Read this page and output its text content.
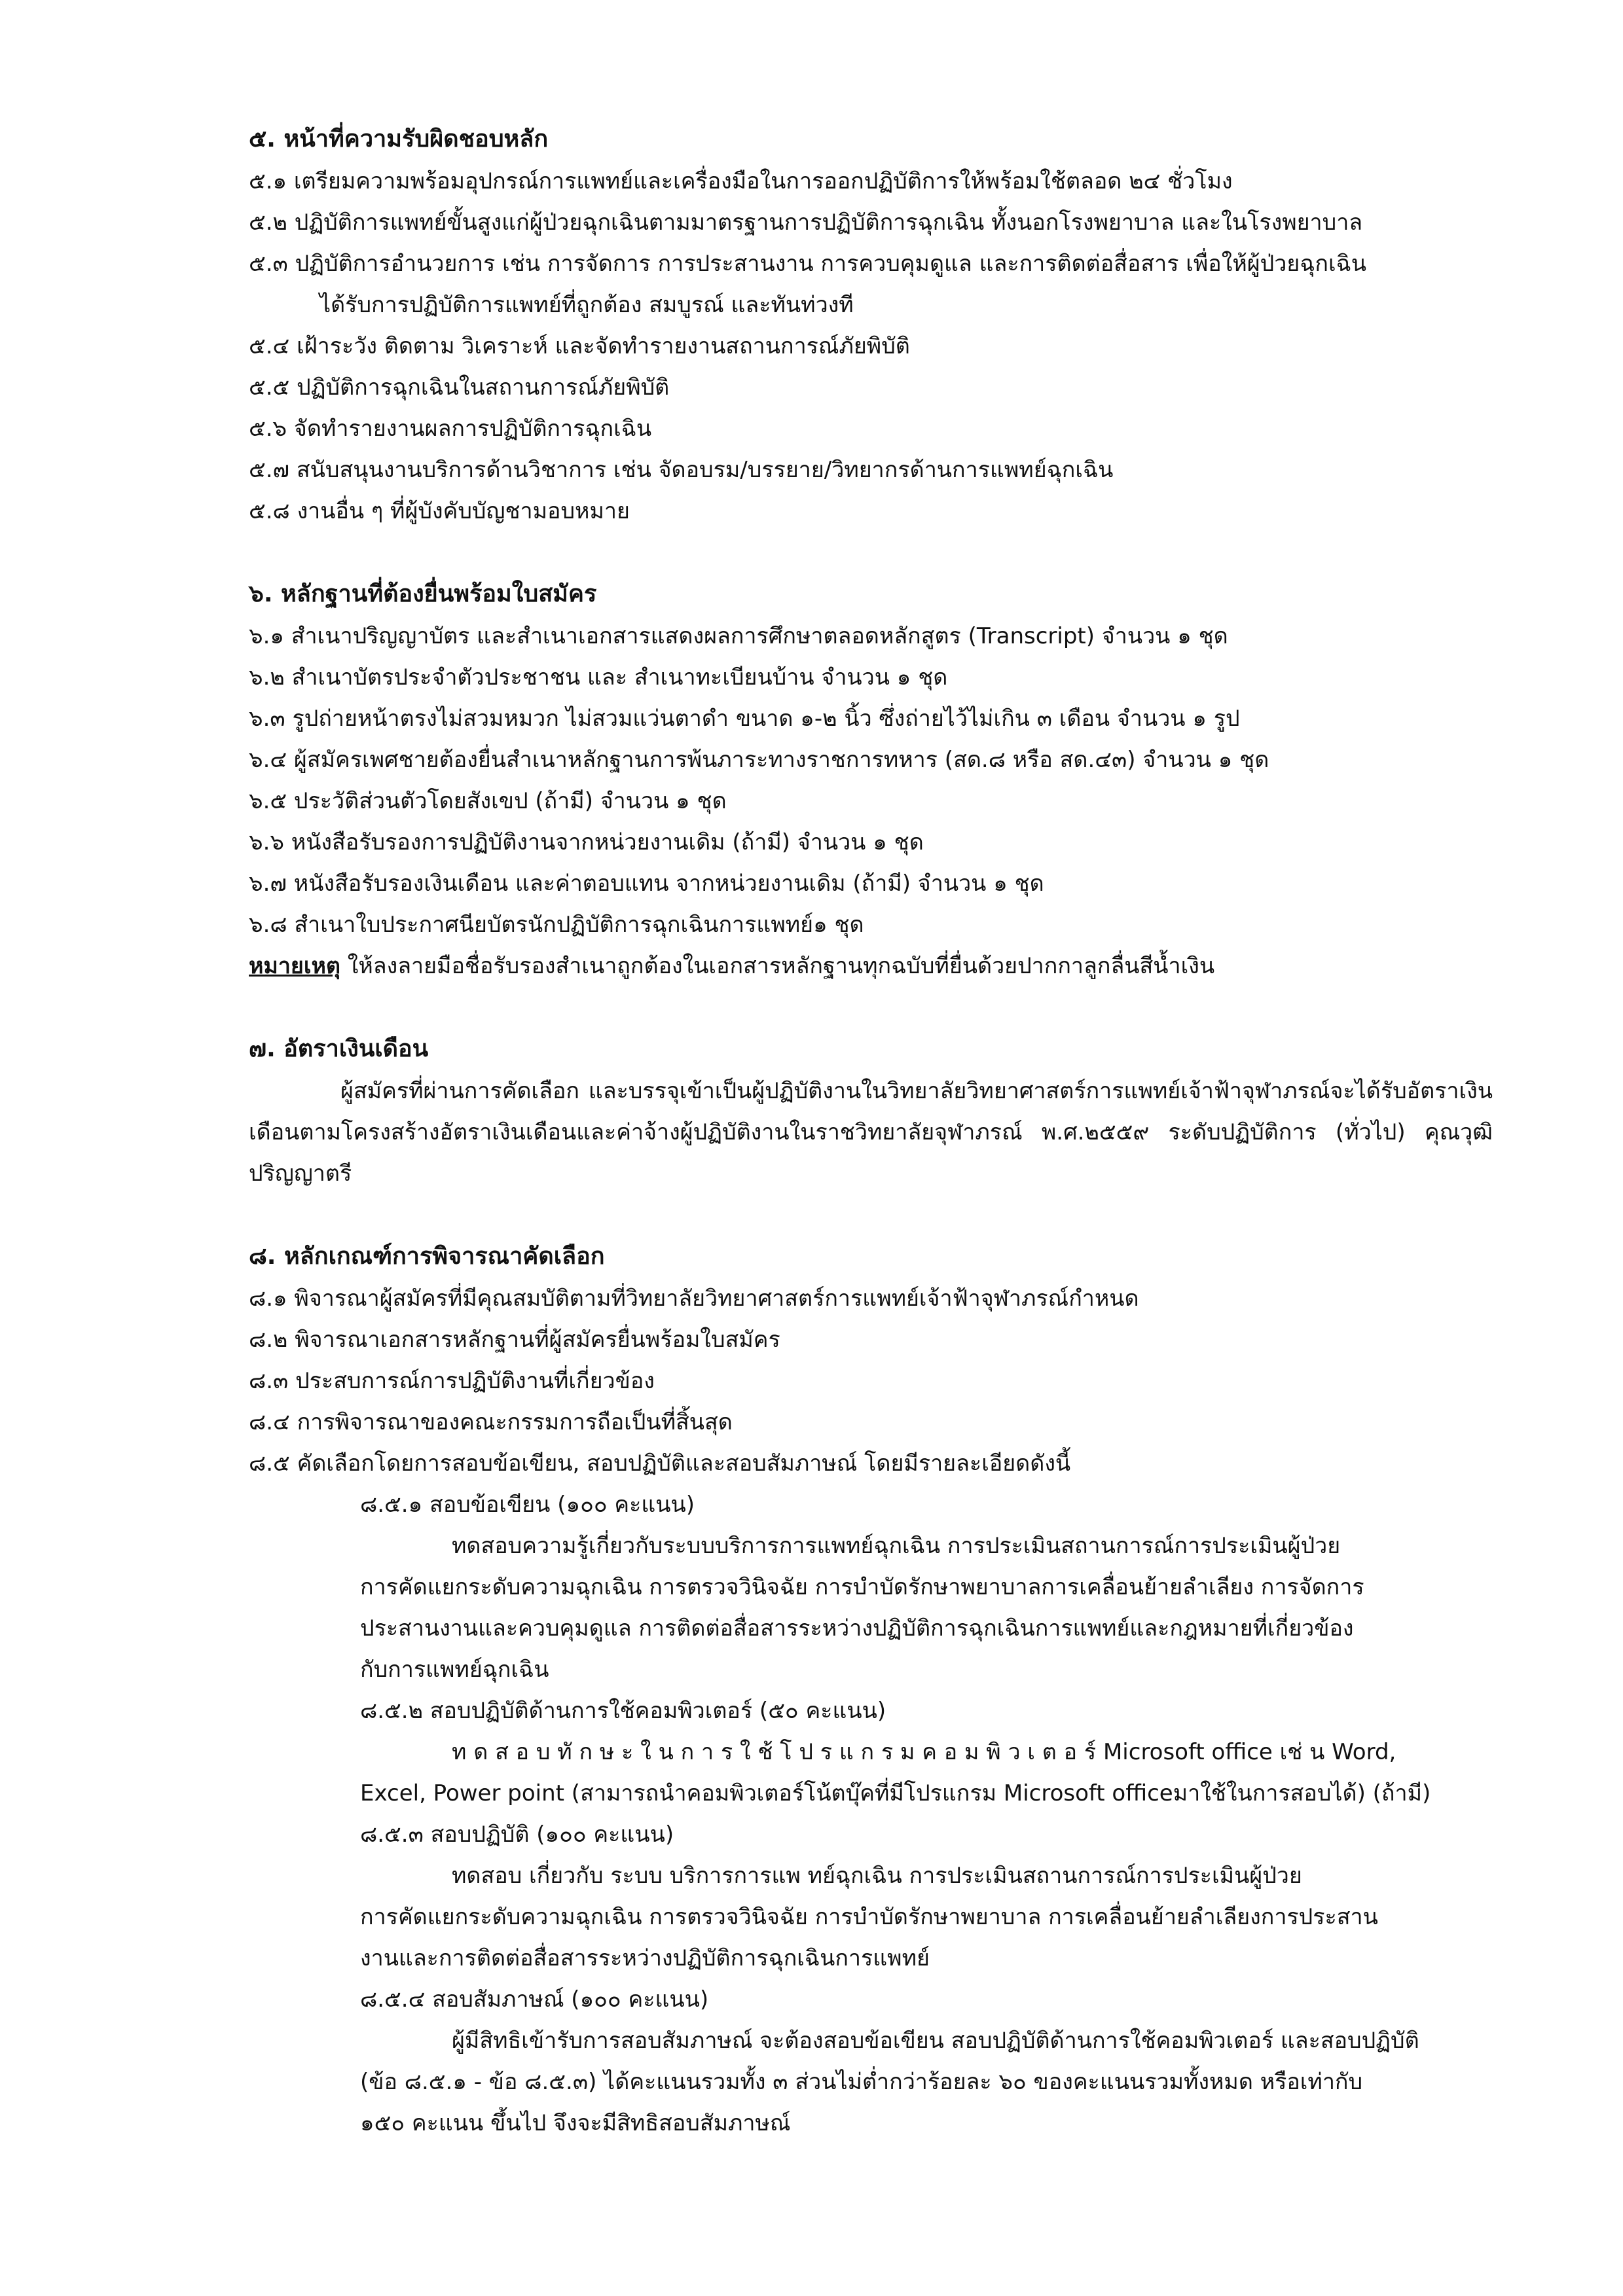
๕. หน้าที่ความรับผิดชอบหลัก
๕.๑ เตรียมความพร้อมอุปกรณ์การแพทย์และเครื่องมือในการออกปฏิบัติการให้พร้อมใช้ตลอด ๒๔ ชั่วโมง
๕.๒ ปฏิบัติการแพทย์ขั้นสูงแก่ผู้ป่วยฉุกเฉินตามมาตรฐานการปฏิบัติการฉุกเฉิน ทั้งนอกโรงพยาบาล และในโรงพยาบาล
๕.๓ ปฏิบัติการอำนวยการ เช่น การจัดการ การประสานงาน การควบคุมดูแล และการติดต่อสื่อสาร เพื่อให้ผู้ป่วยฉุกเฉิน
ได้รับการปฏิบัติการแพทย์ที่ถูกต้อง สมบูรณ์ และทันท่วงที
๕.๔ เฝ้าระวัง ติดตาม วิเคราะห์ และจัดทำรายงานสถานการณ์ภัยพิบัติ
๕.๕ ปฏิบัติการฉุกเฉินในสถานการณ์ภัยพิบัติ
๕.๖ จัดทำรายงานผลการปฏิบัติการฉุกเฉิน
๕.๗ สนับสนุนงานบริการด้านวิชาการ เช่น จัดอบรม/บรรยาย/วิทยากรด้านการแพทย์ฉุกเฉิน
๕.๘ งานอื่น ๆ ที่ผู้บังคับบัญชามอบหมาย
๖. หลักฐานที่ต้องยื่นพร้อมใบสมัคร
๖.๑ สำเนาปริญญาบัตร และสำเนาเอกสารแสดงผลการศึกษาตลอดหลักสูตร (Transcript) จำนวน ๑ ชุด
๖.๒ สำเนาบัตรประจำตัวประชาชน และ สำเนาทะเบียนบ้าน จำนวน ๑ ชุด
๖.๓ รูปถ่ายหน้าตรงไม่สวมหมวก ไม่สวมแว่นตาดำ ขนาด ๑-๒ นิ้ว ซึ่งถ่ายไว้ไม่เกิน ๓ เดือน จำนวน ๑ รูป
๖.๔ ผู้สมัครเพศชายต้องยื่นสำเนาหลักฐานการพ้นภาระทางราชการทหาร (สด.๘ หรือ สด.๔๓) จำนวน ๑ ชุด
๖.๕ ประวัติส่วนตัวโดยสังเขป (ถ้ามี) จำนวน ๑ ชุด
๖.๖ หนังสือรับรองการปฏิบัติงานจากหน่วยงานเดิม (ถ้ามี) จำนวน ๑ ชุด
๖.๗ หนังสือรับรองเงินเดือน และค่าตอบแทน จากหน่วยงานเดิม (ถ้ามี) จำนวน ๑ ชุด
๖.๘ สำเนาใบประกาศนียบัตรนักปฏิบัติการฉุกเฉินการแพทย์๑ ชุด
หมายเหตุ ให้ลงลายมือชื่อรับรองสำเนาถูกต้องในเอกสารหลักฐานทุกฉบับที่ยื่นด้วยปากกาลูกลื่นสีน้ำเงิน
๗. อัตราเงินเดือน
ผู้สมัครที่ผ่านการคัดเลือก และบรรจุเข้าเป็นผู้ปฏิบัติงานในวิทยาลัยวิทยาศาสตร์การแพทย์เจ้าฟ้าจุฬาภรณ์จะได้รับอัตราเงินเดือนตามโครงสร้างอัตราเงินเดือนและค่าจ้างผู้ปฏิบัติงานในราชวิทยาลัยจุฬาภรณ์ พ.ศ.๒๕๕๙ ระดับปฏิบัติการ (ทั่วไป) คุณวุฒิปริญญาตรี
๘. หลักเกณฑ์การพิจารณาคัดเลือก
๘.๑ พิจารณาผู้สมัครที่มีคุณสมบัติตามที่วิทยาลัยวิทยาศาสตร์การแพทย์เจ้าฟ้าจุฬาภรณ์กำหนด
๘.๒ พิจารณาเอกสารหลักฐานที่ผู้สมัครยื่นพร้อมใบสมัคร
๘.๓ ประสบการณ์การปฏิบัติงานที่เกี่ยวข้อง
๘.๔ การพิจารณาของคณะกรรมการถือเป็นที่สิ้นสุด
๘.๕ คัดเลือกโดยการสอบข้อเขียน, สอบปฏิบัติและสอบสัมภาษณ์ โดยมีรายละเอียดดังนี้
๘.๕.๑ สอบข้อเขียน (๑๐๐ คะแนน)
ทดสอบความรู้เกี่ยวกับระบบบริการการแพทย์ฉุกเฉิน การประเมินสถานการณ์การประเมินผู้ป่วย
การคัดแยกระดับความฉุกเฉิน การตรวจวินิจฉัย การบำบัดรักษาพยาบาลการเคลื่อนย้ายลำเลียง การจัดการ
ประสานงานและควบคุมดูแล การติดต่อสื่อสารระหว่างปฏิบัติการฉุกเฉินการแพทย์และกฎหมายที่เกี่ยวข้อง
กับการแพทย์ฉุกเฉิน
๘.๕.๒ สอบปฏิบัติด้านการใช้คอมพิวเตอร์ (๕๐ คะแนน)
ท ด ส อ บ ทั ก ษ ะ ใ น ก า ร ใ ช้ โ ป ร แ ก ร ม ค อ ม พิ ว เ ต อ ร์ Microsoft office เช่ น Word,
Excel, Power point (สามารถนำคอมพิวเตอร์โน้ตบุ๊คที่มีโปรแกรม Microsoft officeมาใช้ในการสอบได้) (ถ้ามี)
๘.๕.๓ สอบปฏิบัติ (๑๐๐ คะแนน)
ทดสอบ เกี่ยวกับ ระบบ บริการการแพ ทย์ฉุกเฉิน การประเมินสถานการณ์การประเมินผู้ป่วย
การคัดแยกระดับความฉุกเฉิน การตรวจวินิจฉัย การบำบัดรักษาพยาบาล การเคลื่อนย้ายลำเลียงการประสาน
งานและการติดต่อสื่อสารระหว่างปฏิบัติการฉุกเฉินการแพทย์
๘.๕.๔ สอบสัมภาษณ์ (๑๐๐ คะแนน)
ผู้มีสิทธิเข้ารับการสอบสัมภาษณ์ จะต้องสอบข้อเขียน สอบปฏิบัติด้านการใช้คอมพิวเตอร์ และสอบปฏิบัติ
(ข้อ ๘.๕.๑ - ข้อ ๘.๕.๓) ได้คะแนนรวมทั้ง ๓ ส่วนไม่ต่ำกว่าร้อยละ ๖๐ ของคะแนนรวมทั้งหมด หรือเท่ากับ
๑๕๐ คะแนน ขึ้นไป จึงจะมีสิทธิสอบสัมภาษณ์
